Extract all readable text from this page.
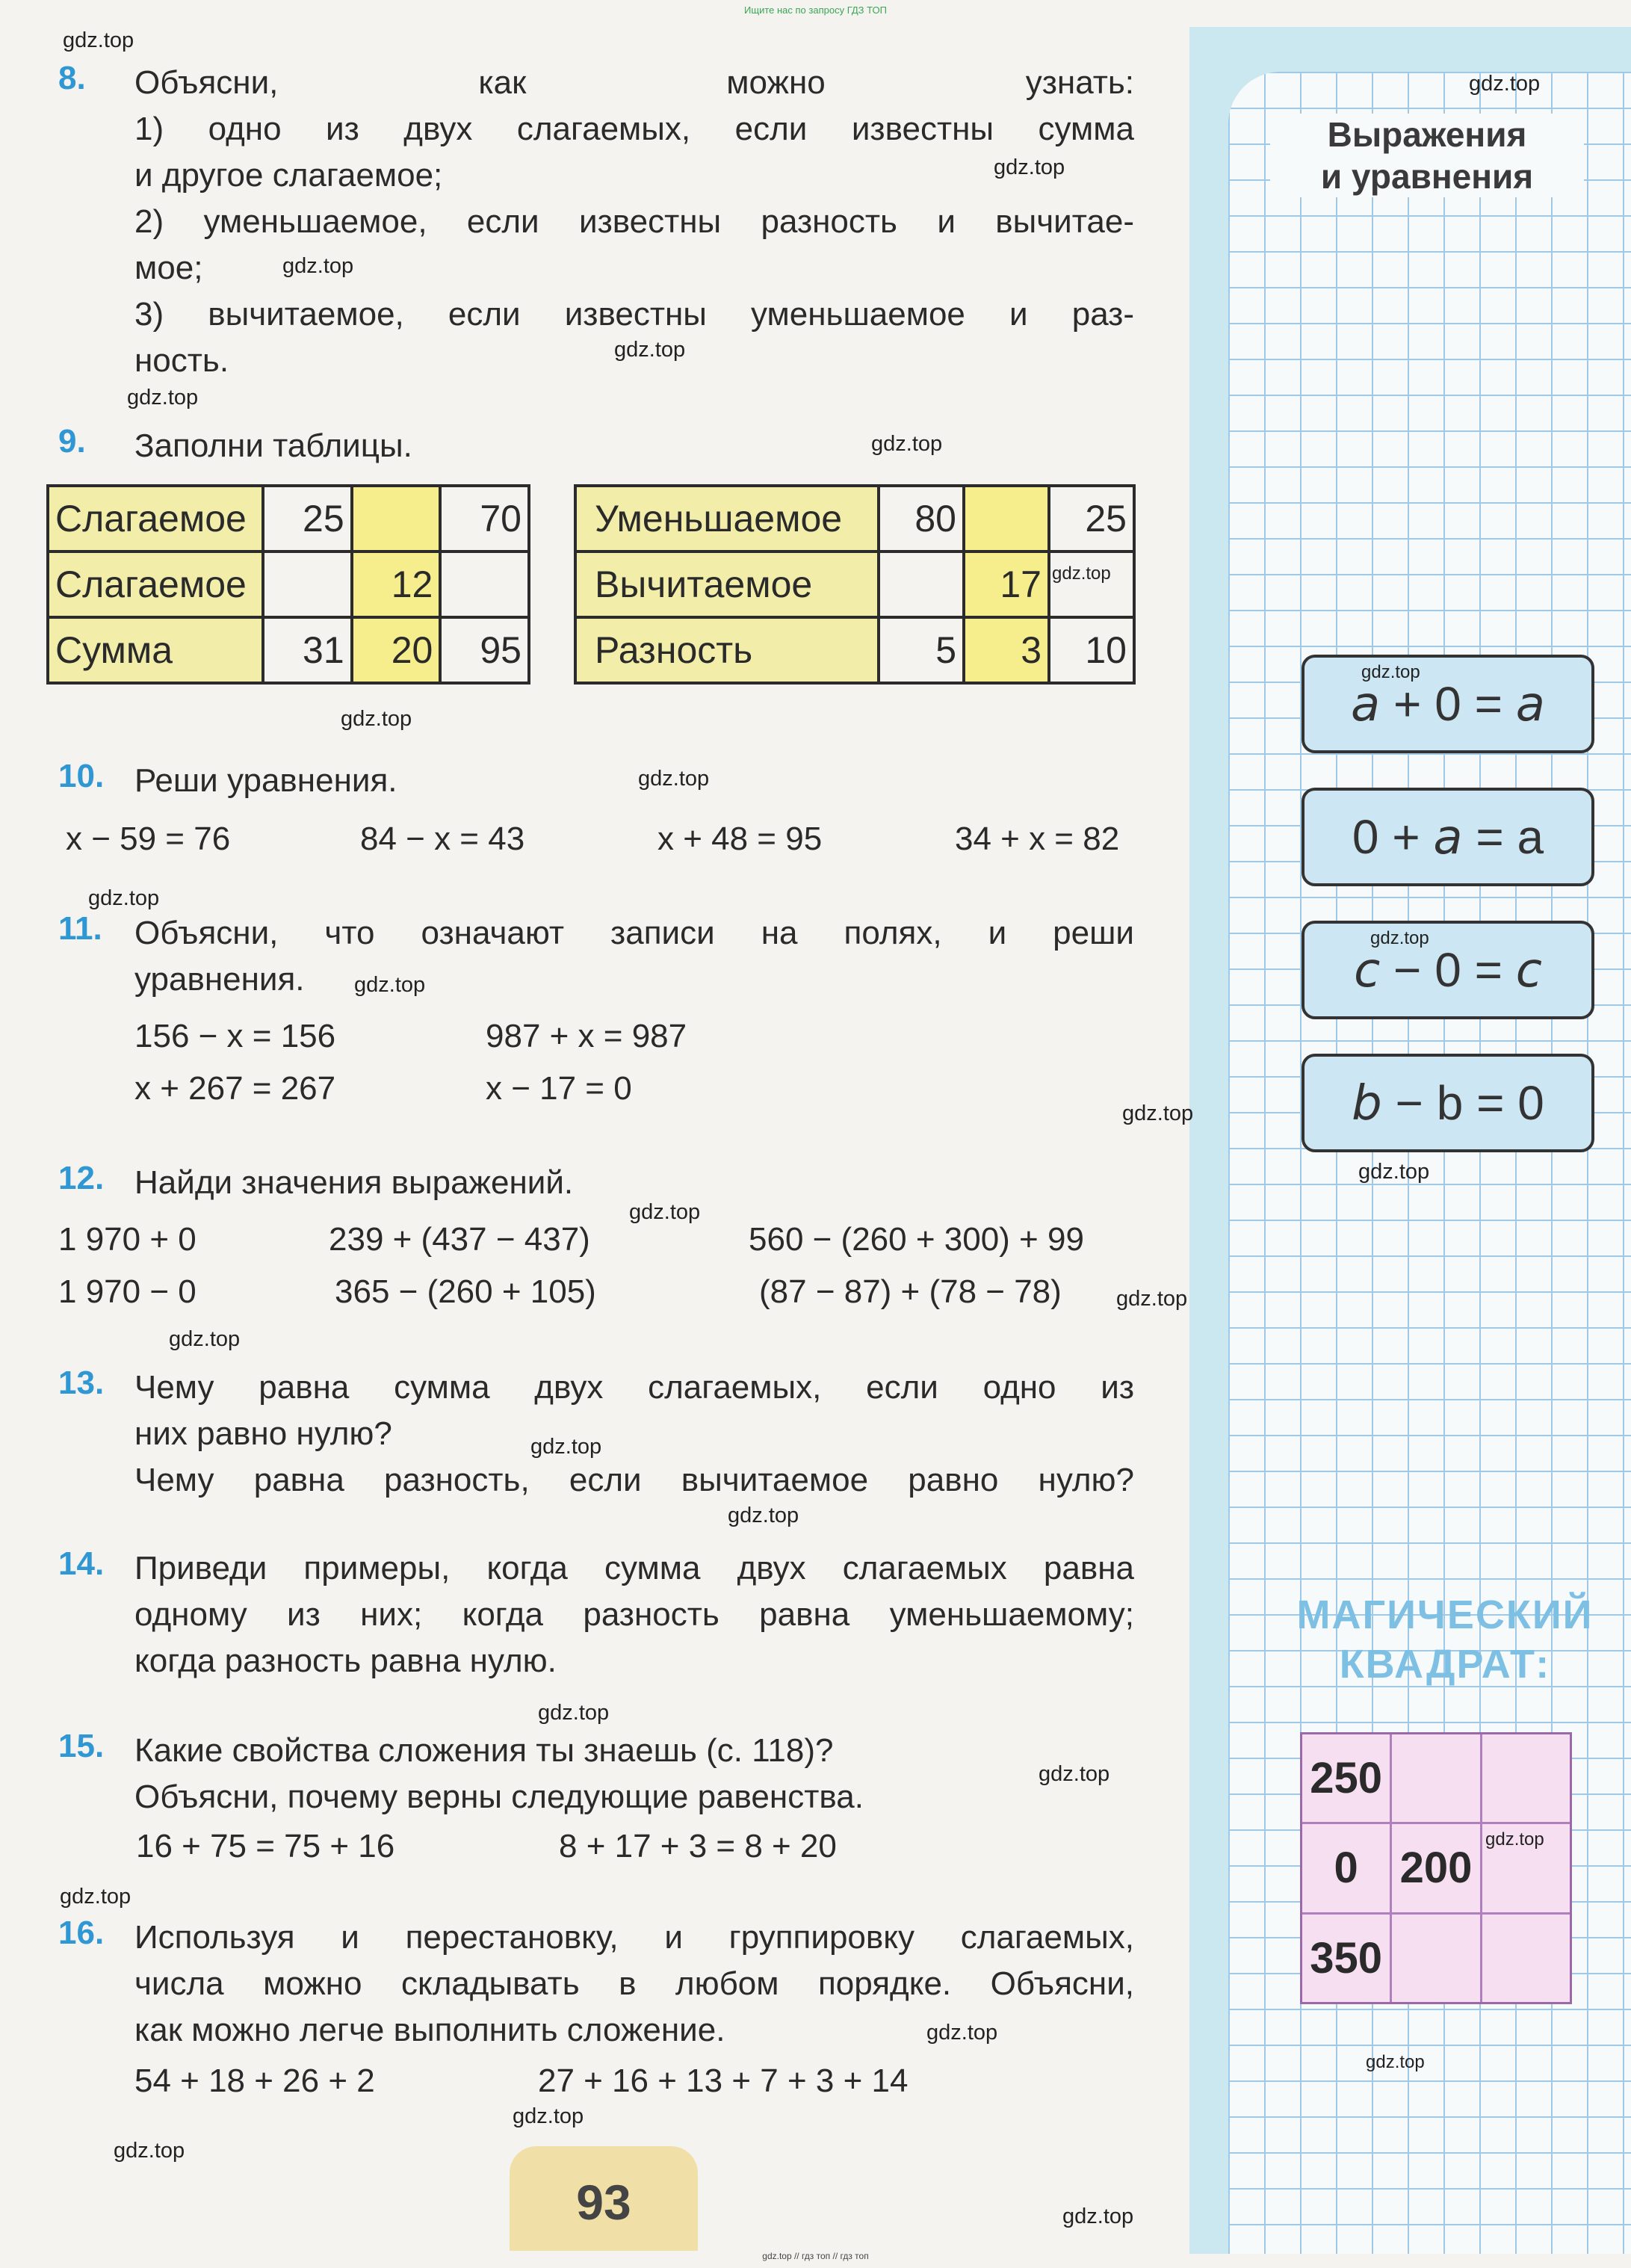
Ищите нас по запросу ГДЗ ТОП
Выражения
и уравнения
a + 0 = a
0 + a = a
c − 0 = c
b − b = 0
МАГИЧЕСКИЙ
КВАДРАТ:
250
0 200
350
8.	Объясни, как можно узнать:
1) одно из двух слагаемых, если известны сумма
и другое слагаемое;
2) уменьшаемое, если известны разность и вычитае-
мое;
3) вычитаемое, если известны уменьшаемое и раз-
ность.
9.	Заполни таблицы.
Слагаемое	25		70
Слагаемое		12	
Сумма	31	20	95
Уменьшаемое	80		25
Вычитаемое		17	
Разность	5	3	10
10. Реши уравнения.
x − 59 = 76	84 − x = 43	x + 48 = 95	34 + x = 82
11. Объясни, что означают записи на полях, и реши
уравнения.
156 − x = 156	987 + x = 987
x + 267 = 267	x − 17 = 0
12. Найди значения выражений.
1 970 + 0	239 + (437 − 437)	560 − (260 + 300) + 99
1 970 − 0	365 − (260 + 105)	(87 − 87) + (78 − 78)
13. Чему равна сумма двух слагаемых, если одно из
них равно нулю?
Чему равна разность, если вычитаемое равно нулю?
14. Приведи примеры, когда сумма двух слагаемых равна
одному из них; когда разность равна уменьшаемому;
когда разность равна нулю.
15. Какие свойства сложения ты знаешь (с. 118)?
Объясни, почему верны следующие равенства.
16 + 75 = 75 + 16	8 + 17 + 3 = 8 + 20
16. Используя и перестановку, и группировку слагаемых,
числа можно складывать в любом порядке. Объясни,
как можно легче выполнить сложение.
54 + 18 + 26 + 2	27 + 16 + 13 + 7 + 3 + 14
93
gdz.top
gdz.top
gdz.top
gdz.top
gdz.top
gdz.top
gdz.top
gdz.top
gdz.top
gdz.top
gdz.top
gdz.top
gdz.top
gdz.top
gdz.top
gdz.top
gdz.top
gdz.top
gdz.top
gdz.top
gdz.top
gdz.top
gdz.top
gdz.top
gdz.top
gdz.top
gdz.top
gdz.top
gdz.top
gdz.top
gdz.top // гдз топ // гдз топ
